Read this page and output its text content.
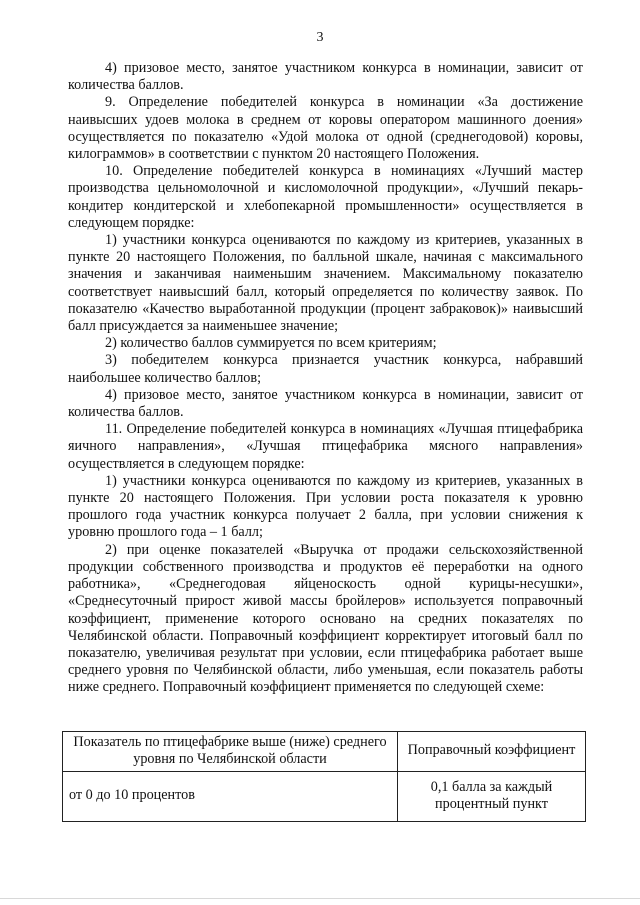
3

4) призовое место, занятое участником конкурса в номинации, зависит от количества баллов.

9. Определение победителей конкурса в номинации «За достижение наивысших удоев молока в среднем от коровы оператором машинного доения» осуществляется по показателю «Удой молока от одной (среднегодовой) коровы, килограммов» в соответствии с пунктом 20 настоящего Положения.

10. Определение победителей конкурса в номинациях «Лучший мастер производства цельномолочной и кисломолочной продукции», «Лучший пекарь-кондитер кондитерской и хлебопекарной промышленности» осуществляется в следующем порядке:

1) участники конкурса оцениваются по каждому из критериев, указанных в пункте 20 настоящего Положения, по балльной шкале, начиная с максимального значения и заканчивая наименьшим значением. Максимальному показателю соответствует наивысший балл, который определяется по количеству заявок. По показателю «Качество выработанной продукции (процент забраковок)» наивысший балл присуждается за наименьшее значение;

2) количество баллов суммируется по всем критериям;

3) победителем конкурса признается участник конкурса, набравший наибольшее количество баллов;

4) призовое место, занятое участником конкурса в номинации, зависит от количества баллов.

11. Определение победителей конкурса в номинациях «Лучшая птицефабрика яичного направления», «Лучшая птицефабрика мясного направления» осуществляется в следующем порядке:

1) участники конкурса оцениваются по каждому из критериев, указанных в пункте 20 настоящего Положения. При условии роста показателя к уровню прошлого года участник конкурса получает 2 балла, при условии снижения к уровню прошлого года – 1 балл;

2) при оценке показателей «Выручка от продажи сельскохозяйственной продукции собственного производства и продуктов её переработки на одного работника», «Среднегодовая яйценоскость одной курицы-несушки», «Среднесуточный прирост живой массы бройлеров» используется поправочный коэффициент, применение которого основано на средних показателях по Челябинской области. Поправочный коэффициент корректирует итоговый балл по показателю, увеличивая результат при условии, если птицефабрика работает выше среднего уровня по Челябинской области, либо уменьшая, если показатель работы ниже среднего. Поправочный коэффициент применяется по следующей схеме:

Показатель по птицефабрике выше (ниже) среднего уровня по Челябинской области	Поправочный коэффициент
от 0 до 10 процентов	0,1 балла за каждый процентный пункт
